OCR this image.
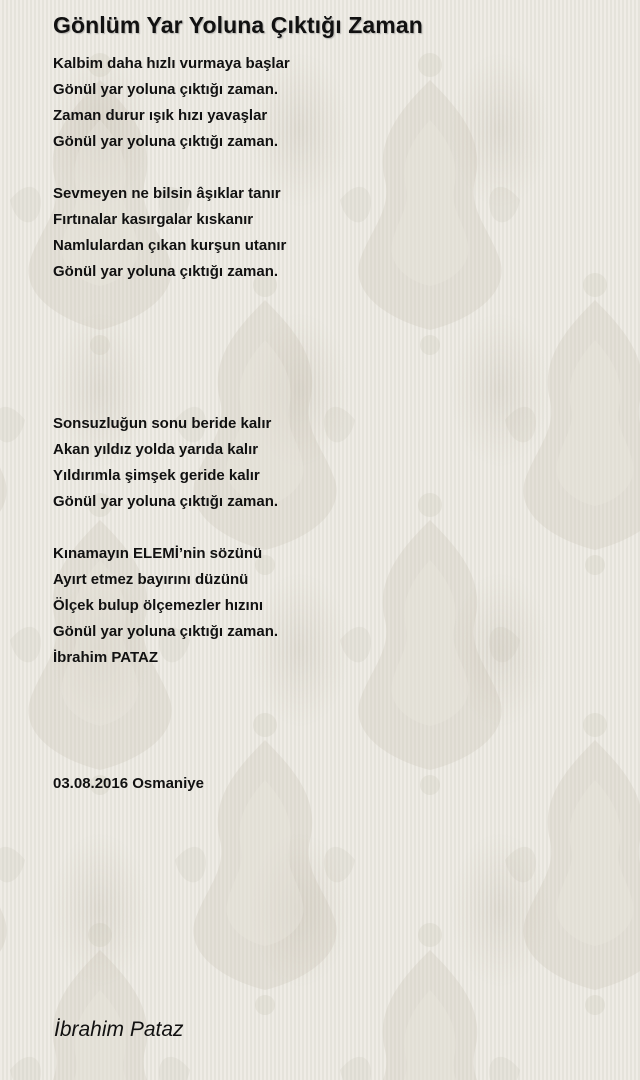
Gönlüm Yar Yoluna Çıktığı Zaman
Kalbim daha hızlı vurmaya başlar
Gönül yar yoluna çıktığı zaman.
Zaman durur ışık hızı yavaşlar
Gönül yar yoluna çıktığı zaman.
Sevmeyen ne bilsin âşıklar tanır
Fırtınalar kasırgalar kıskanır
Namlulardan çıkan kurşun utanır
Gönül yar yoluna çıktığı zaman.
Sonsuzluğun sonu beride kalır
Akan yıldız yolda yarıda kalır
Yıldırımla şimşek geride kalır
Gönül yar yoluna çıktığı zaman.
Kınamayın ELEMİ’nin sözünü
Ayırt etmez bayırını düzünü
Ölçek bulup ölçemezler hızını
Gönül yar yoluna çıktığı zaman.
İbrahim PATAZ
03.08.2016 Osmaniye
İbrahim Pataz
